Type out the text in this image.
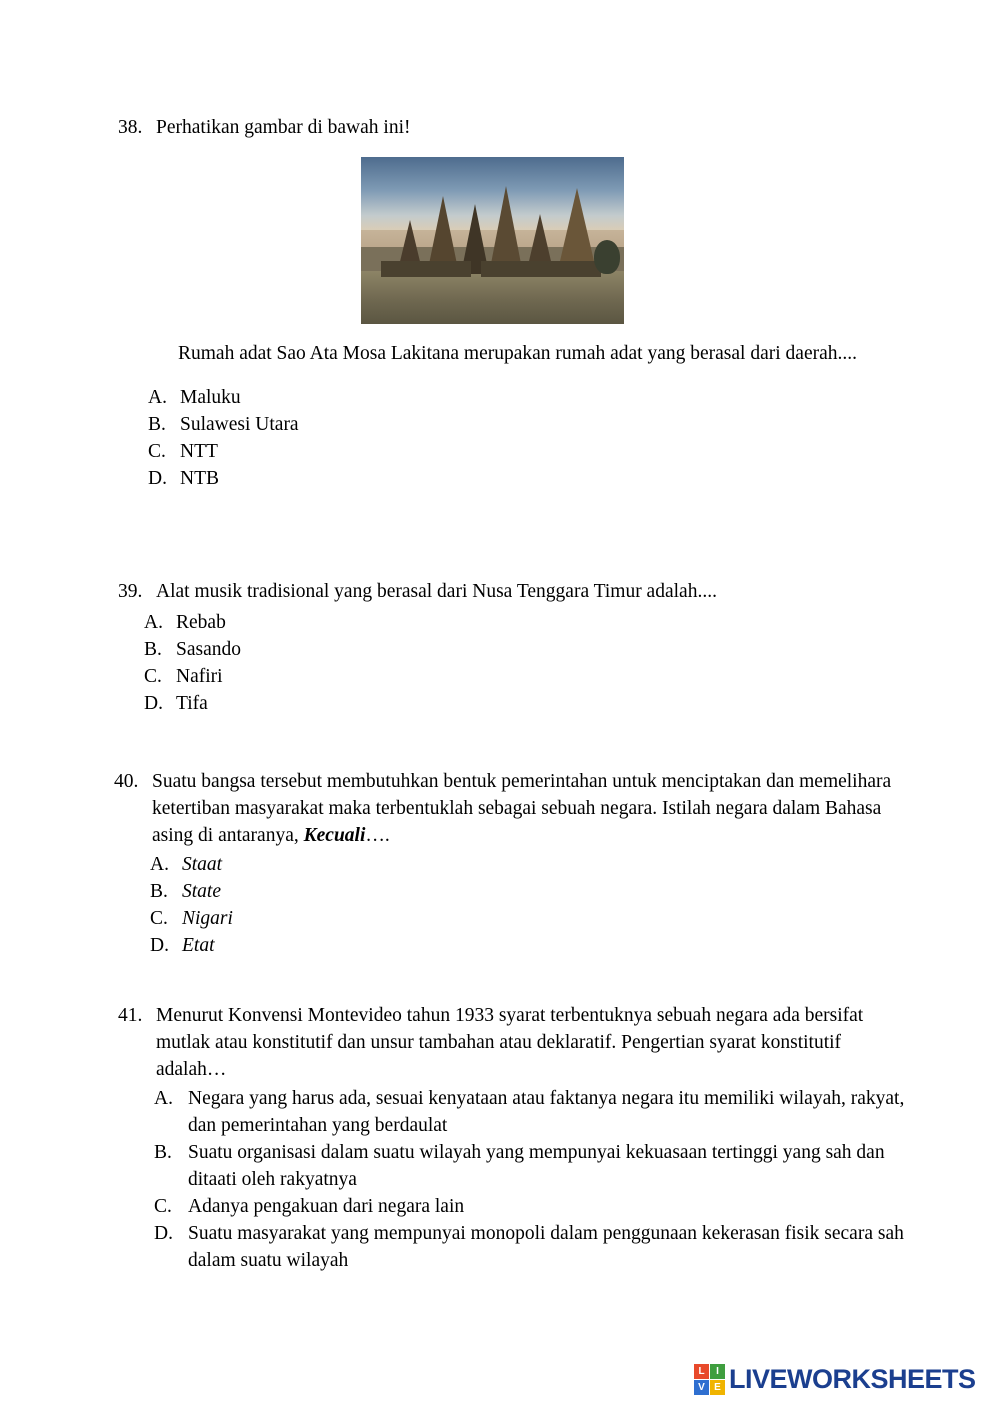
38. Perhatikan gambar di bawah ini!
Rumah adat Sao Ata Mosa Lakitana merupakan rumah adat yang berasal dari daerah....
A. Maluku
B. Sulawesi Utara
C. NTT
D. NTB
39. Alat musik tradisional yang berasal dari Nusa Tenggara Timur adalah....
A. Rebab
B. Sasando
C. Nafiri
D. Tifa
40. Suatu bangsa tersebut membutuhkan bentuk pemerintahan untuk menciptakan dan memelihara ketertiban masyarakat maka terbentuklah sebagai sebuah negara. Istilah negara dalam Bahasa asing di antaranya, Kecuali….
A. Staat
B. State
C. Nigari
D. Etat
41. Menurut Konvensi Montevideo tahun 1933 syarat terbentuknya sebuah negara ada bersifat mutlak atau konstitutif dan unsur tambahan atau deklaratif. Pengertian syarat konstitutif adalah…
A. Negara yang harus ada, sesuai kenyataan atau faktanya negara itu memiliki wilayah, rakyat, dan pemerintahan yang berdaulat
B. Suatu organisasi dalam suatu wilayah yang mempunyai kekuasaan tertinggi yang sah dan ditaati oleh rakyatnya
C. Adanya pengakuan dari negara lain
D. Suatu masyarakat yang mempunyai monopoli dalam penggunaan kekerasan fisik secara sah dalam suatu wilayah
L	I
V E LIVEWORKSHEETS
